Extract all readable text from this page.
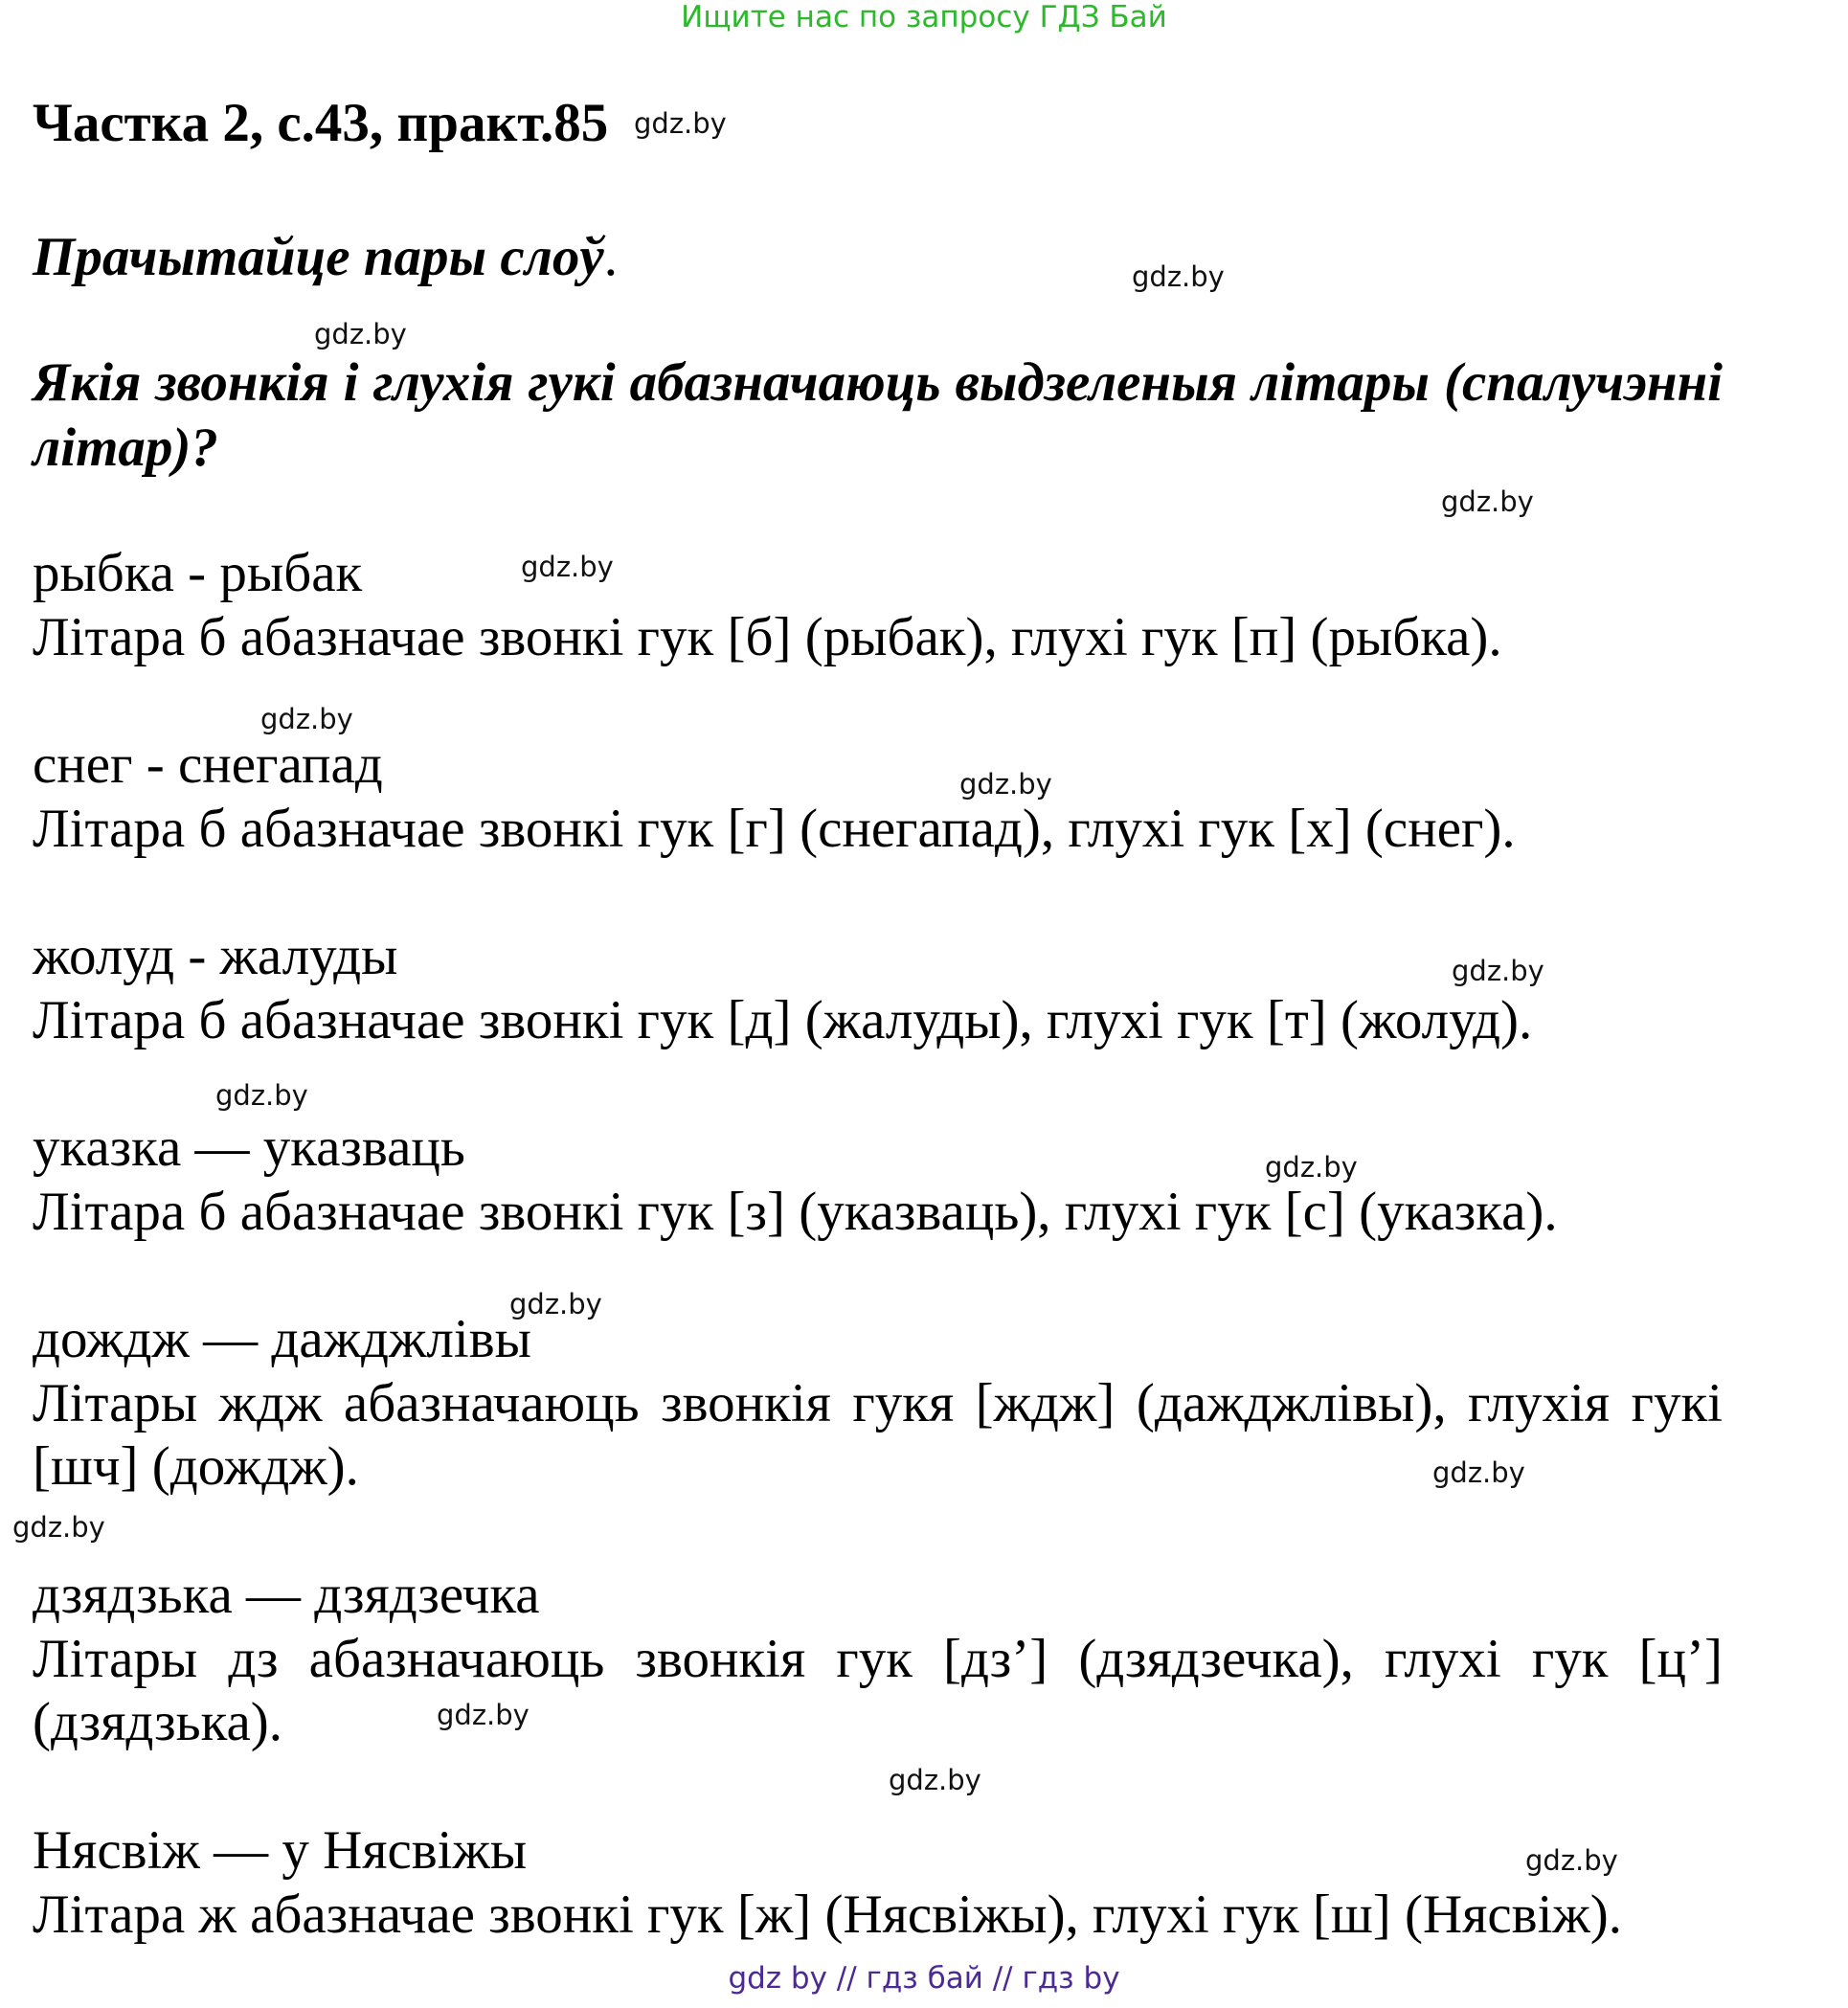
Ищите нас по запросу ГДЗ Бай
Частка 2, с.43, практ.85
Прачытайце пары слоў.
Якія звонкія і глухія гукі абазначаюць выдзеленыя літары (спалучэнні літар)?
рыбка - рыбак
Літара б абазначае звонкі гук [б] (рыбак), глухі гук [п] (рыбка).
снег - снегапад
Літара б абазначае звонкі гук [г] (снегапад), глухі гук [х] (снег).
жолуд - жалуды
Літара б абазначае звонкі гук [д] (жалуды), глухі гук [т] (жолуд).
указка — указваць
Літара б абазначае звонкі гук [з] (указваць), глухі гук [с] (указка).
дождж — дажджлівы
Літары ждж абазначаюць звонкія гукя [ждж] (дажджлівы), глухія гукі [шч] (дождж).
дзядзька — дзядзечка
Літары дз абазначаюць звонкія гук [дз’] (дзядзечка), глухі гук [ц’] (дзядзька).
Нясвіж — у Нясвіжы
Літара ж абазначае звонкі гук [ж] (Нясвіжы), глухі гук [ш] (Нясвіж).
gdz.by
gdz.by
gdz.by
gdz.by
gdz.by
gdz.by
gdz.by
gdz.by
gdz.by
gdz.by
gdz.by
gdz.by
gdz.by
gdz.by
gdz.by
gdz.by
gdz by // гдз бай // гдз by
